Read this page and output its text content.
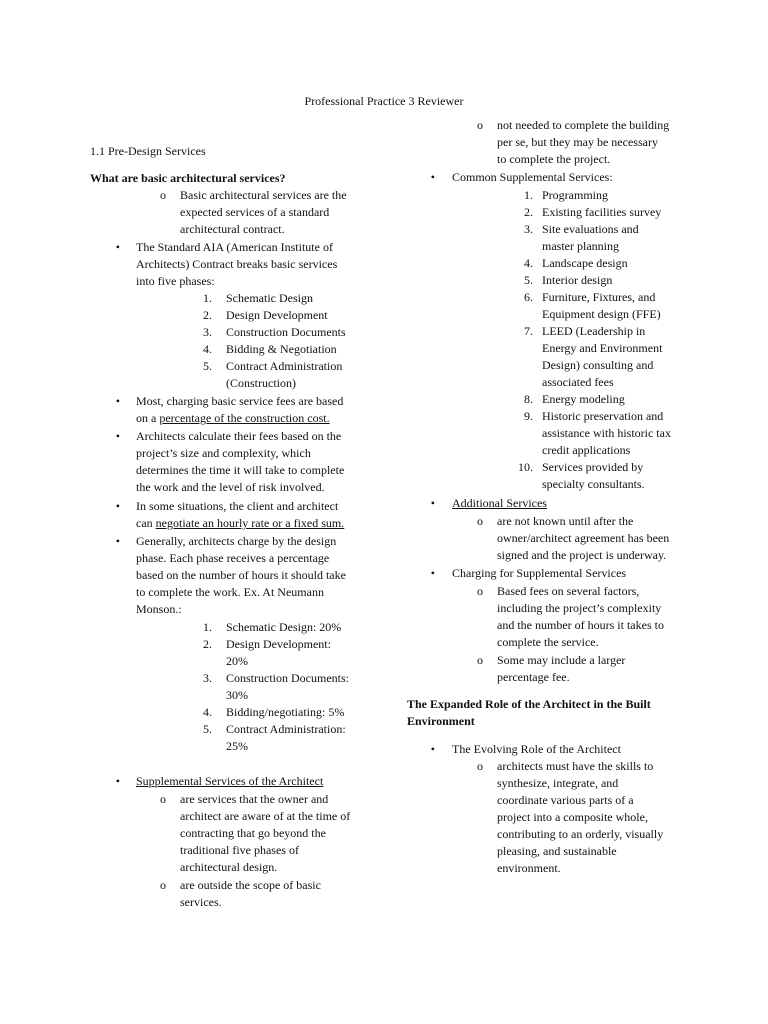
Professional Practice 3 Reviewer
1.1 Pre-Design Services
What are basic architectural services?
o Basic architectural services are the

expected services of a standard

architectural contract.

• The Standard AIA (American Institute of

Architects) Contract breaks basic services

into five phases:

1. Schematic Design

2. Design Development

3. Construction Documents

4. Bidding & Negotiation

5. Contract Administration

(Construction)

• Most, charging basic service fees are based

on a percentage of the construction cost.

• Architects calculate their fees based on the

project’s size and complexity, which

determines the time it will take to complete

the work and the level of risk involved.

• In some situations, the client and architect

can negotiate an hourly rate or a fixed sum.

• Generally, architects charge by the design

phase. Each phase receives a percentage

based on the number of hours it should take

to complete the work. Ex. At Neumann

Monson.:

1. Schematic Design: 20%

2. Design Development:

20%

3. Construction Documents:

30%

4. Bidding/negotiating: 5%

5. Contract Administration:

25%

• Supplemental Services of the Architect

o are services that the owner and

architect are aware of at the time of

contracting that go beyond the

traditional five phases of

architectural design.

o are outside the scope of basic

services.

o not needed to complete the building

per se, but they may be necessary

to complete the project.

• Common Supplemental Services:

1. Programming

2. Existing facilities survey

3. Site evaluations and

master planning

4. Landscape design

5. Interior design

6. Furniture, Fixtures, and

Equipment design (FFE)

7. LEED (Leadership in

Energy and Environment

Design) consulting and

associated fees

8. Energy modeling

9. Historic preservation and

assistance with historic tax

credit applications

10. Services provided by

specialty consultants.

• Additional Services

o are not known until after the

owner/architect agreement has been

signed and the project is underway.

• Charging for Supplemental Services

o Based fees on several factors,

including the project’s complexity

and the number of hours it takes to

complete the service.

o Some may include a larger

percentage fee.

The Expanded Role of the Architect in the Built

Environment

• The Evolving Role of the Architect

o architects must have the skills to

synthesize, integrate, and

coordinate various parts of a

project into a composite whole,

contributing to an orderly, visually

pleasing, and sustainable

environment.
